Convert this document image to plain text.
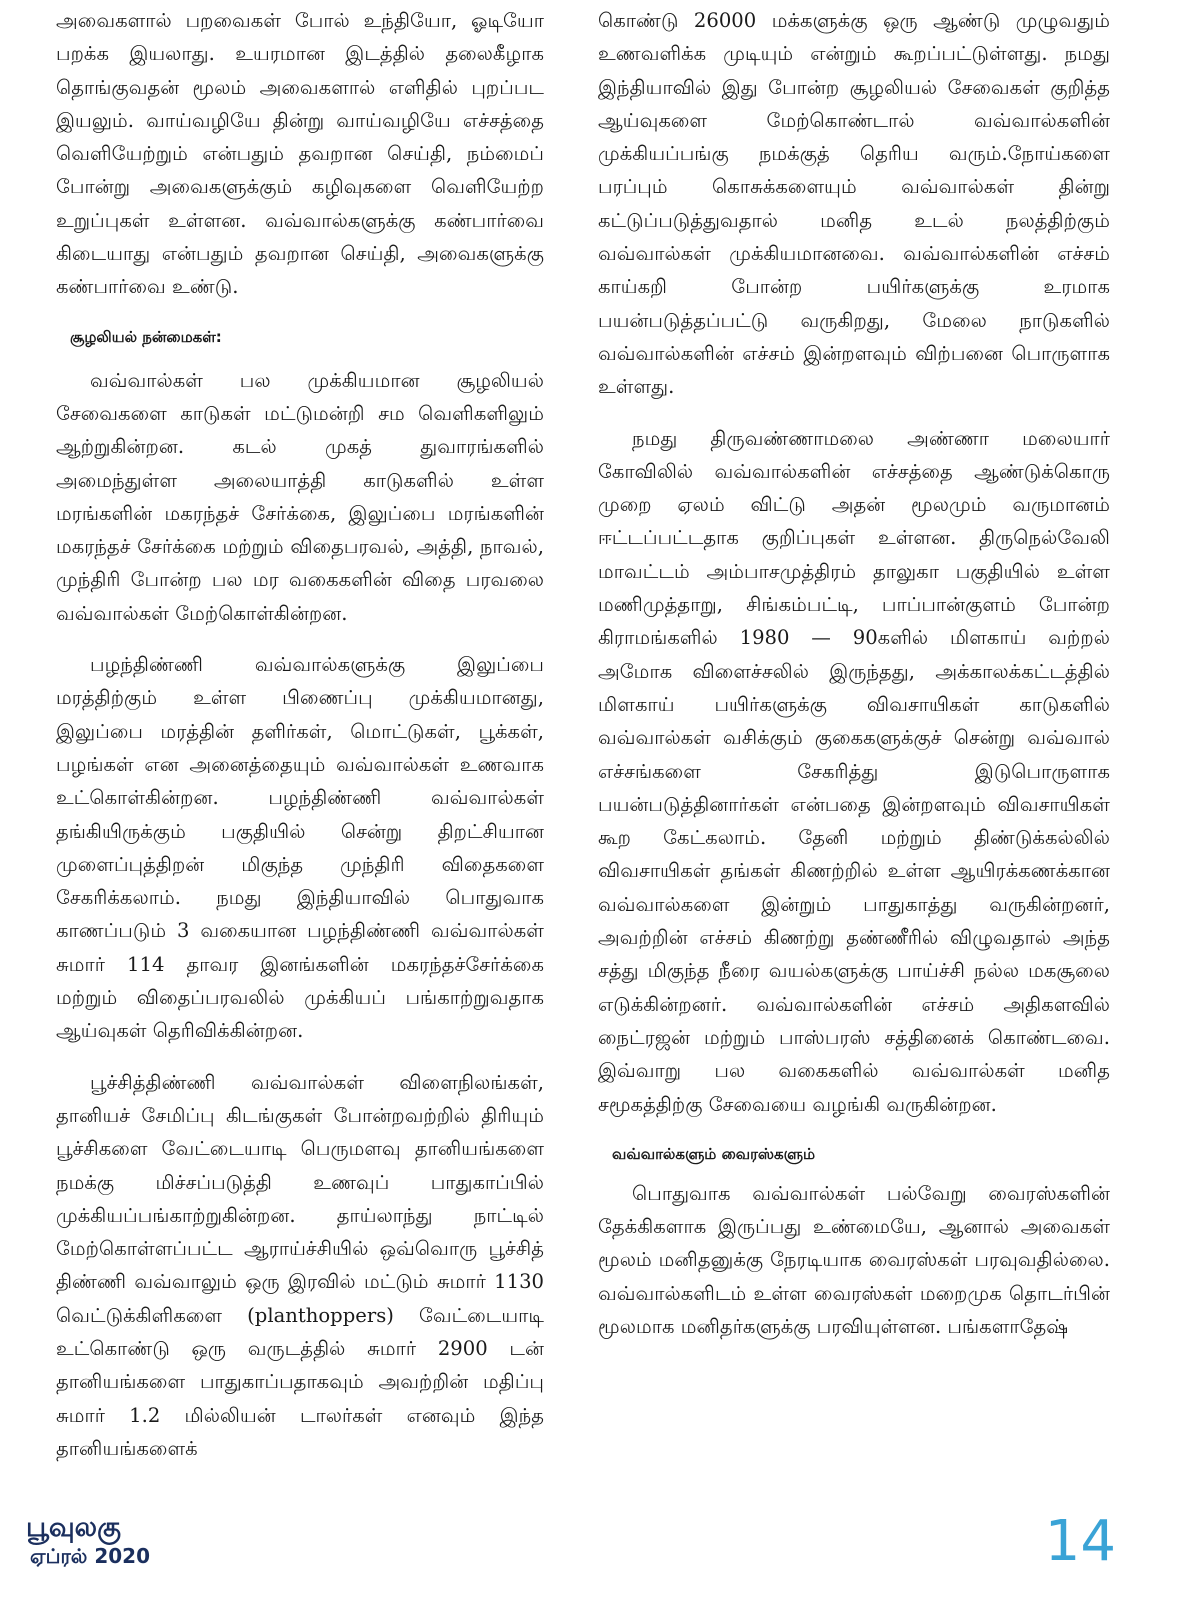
அவைகளால் பறவைகள் போல் உந்தியோ, ஓடியோ பறக்க இயலாது. உயரமான இடத்தில் தலைகீழாக தொங்குவதன் மூலம் அவைகளால் எளிதில் புறப்பட இயலும். வாய்வழியே தின்று வாய்வழியே எச்சத்தை வெளியேற்றும் என்பதும் தவறான செய்தி, நம்மைப் போன்று அவைகளுக்கும் கழிவுகளை வெளியேற்ற உறுப்புகள் உள்ளன. வவ்வால்களுக்கு கண்பார்வை கிடையாது என்பதும் தவறான செய்தி, அவைகளுக்கு கண்பார்வை உண்டு.

சூழலியல் நன்மைகள்:

வவ்வால்கள் பல முக்கியமான சூழலியல் சேவைகளை காடுகள் மட்டுமன்றி சம வெளிகளிலும் ஆற்றுகின்றன. கடல் முகத் துவாரங்களில் அமைந்துள்ள அலையாத்தி காடுகளில் உள்ள மரங்களின் மகரந்தச் சேர்க்கை, இலுப்பை மரங்களின் மகரந்தச் சேர்க்கை மற்றும் விதைபரவல், அத்தி, நாவல், முந்திரி போன்ற பல மர வகைகளின் விதை பரவலை வவ்வால்கள் மேற்கொள்கின்றன.

பழந்திண்ணி வவ்வால்களுக்கு இலுப்பை மரத்திற்கும் உள்ள பிணைப்பு முக்கியமானது, இலுப்பை மரத்தின் தளிர்கள், மொட்டுகள், பூக்கள், பழங்கள் என அனைத்தையும் வவ்வால்கள் உணவாக உட்கொள்கின்றன. பழந்திண்ணி வவ்வால்கள் தங்கியிருக்கும் பகுதியில் சென்று திறட்சியான முளைப்புத்திறன் மிகுந்த முந்திரி விதைகளை சேகரிக்கலாம். நமது இந்தியாவில் பொதுவாக காணப்படும் 3 வகையான பழந்திண்ணி வவ்வால்கள் சுமார் 114 தாவர இனங்களின் மகரந்தச்சேர்க்கை மற்றும் விதைப்பரவலில் முக்கியப் பங்காற்றுவதாக ஆய்வுகள் தெரிவிக்கின்றன.

பூச்சித்திண்ணி வவ்வால்கள் விளைநிலங்கள், தானியச் சேமிப்பு கிடங்குகள் போன்றவற்றில் திரியும் பூச்சிகளை வேட்டையாடி பெருமளவு தானியங்களை நமக்கு மிச்சப்படுத்தி உணவுப் பாதுகாப்பில் முக்கியப்பங்காற்றுகின்றன. தாய்லாந்து நாட்டில் மேற்கொள்ளப்பட்ட ஆராய்ச்சியில் ஒவ்வொரு பூச்சித் திண்ணி வவ்வாலும் ஒரு இரவில் மட்டும் சுமார் 1130 வெட்டுக்கிளிகளை (planthoppers) வேட்டையாடி உட்கொண்டு ஒரு வருடத்தில் சுமார் 2900 டன் தானியங்களை பாதுகாப்பதாகவும் அவற்றின் மதிப்பு சுமார் 1.2 மில்லியன் டாலர்கள் எனவும் இந்த தானியங்களைக்

கொண்டு 26000 மக்களுக்கு ஒரு ஆண்டு முழுவதும் உணவளிக்க முடியும் என்றும் கூறப்பட்டுள்ளது. நமது இந்தியாவில் இது போன்ற சூழலியல் சேவைகள் குறித்த ஆய்வுகளை மேற்கொண்டால் வவ்வால்களின் முக்கியப்பங்கு நமக்குத் தெரிய வரும்.நோய்களை பரப்பும் கொசுக்களையும் வவ்வால்கள் தின்று கட்டுப்படுத்துவதால் மனித உடல் நலத்திற்கும் வவ்வால்கள் முக்கியமானவை. வவ்வால்களின் எச்சம் காய்கறி போன்ற பயிர்களுக்கு உரமாக பயன்படுத்தப்பட்டு வருகிறது, மேலை நாடுகளில் வவ்வால்களின் எச்சம் இன்றளவும் விற்பனை பொருளாக உள்ளது.

நமது திருவண்ணாமலை அண்ணா மலையார் கோவிலில் வவ்வால்களின் எச்சத்தை ஆண்டுக்கொரு முறை ஏலம் விட்டு அதன் மூலமும் வருமானம் ஈட்டப்பட்டதாக குறிப்புகள் உள்ளன. திருநெல்வேலி மாவட்டம் அம்பாசமுத்திரம் தாலுகா பகுதியில் உள்ள மணிமுத்தாறு, சிங்கம்பட்டி, பாப்பான்குளம் போன்ற கிராமங்களில் 1980 — 90களில் மிளகாய் வற்றல் அமோக விளைச்சலில் இருந்தது, அக்காலக்கட்டத்தில் மிளகாய் பயிர்களுக்கு விவசாயிகள் காடுகளில் வவ்வால்கள் வசிக்கும் குகைகளுக்குச் சென்று வவ்வால் எச்சங்களை சேகரித்து இடுபொருளாக பயன்படுத்தினார்கள் என்பதை இன்றளவும் விவசாயிகள் கூற கேட்கலாம். தேனி மற்றும் திண்டுக்கல்லில் விவசாயிகள் தங்கள் கிணற்றில் உள்ள ஆயிரக்கணக்கான வவ்வால்களை இன்றும் பாதுகாத்து வருகின்றனர், அவற்றின் எச்சம் கிணற்று தண்ணீரில் விழுவதால் அந்த சத்து மிகுந்த நீரை வயல்களுக்கு பாய்ச்சி நல்ல மகசூலை எடுக்கின்றனர். வவ்வால்களின் எச்சம் அதிகளவில் நைட்ரஜன் மற்றும் பாஸ்பரஸ் சத்தினைக் கொண்டவை. இவ்வாறு பல வகைகளில் வவ்வால்கள் மனித சமூகத்திற்கு சேவையை வழங்கி வருகின்றன.

வவ்வால்களும் வைரஸ்களும்

பொதுவாக வவ்வால்கள் பல்வேறு வைரஸ்களின் தேக்கிகளாக இருப்பது உண்மையே, ஆனால் அவைகள் மூலம் மனிதனுக்கு நேரடியாக வைரஸ்கள் பரவுவதில்லை. வவ்வால்களிடம் உள்ள வைரஸ்கள் மறைமுக தொடர்பின் மூலமாக மனிதர்களுக்கு பரவியுள்ளன. பங்களாதேஷ்

பூவுலகு
ஏப்ரல் 2020	14
